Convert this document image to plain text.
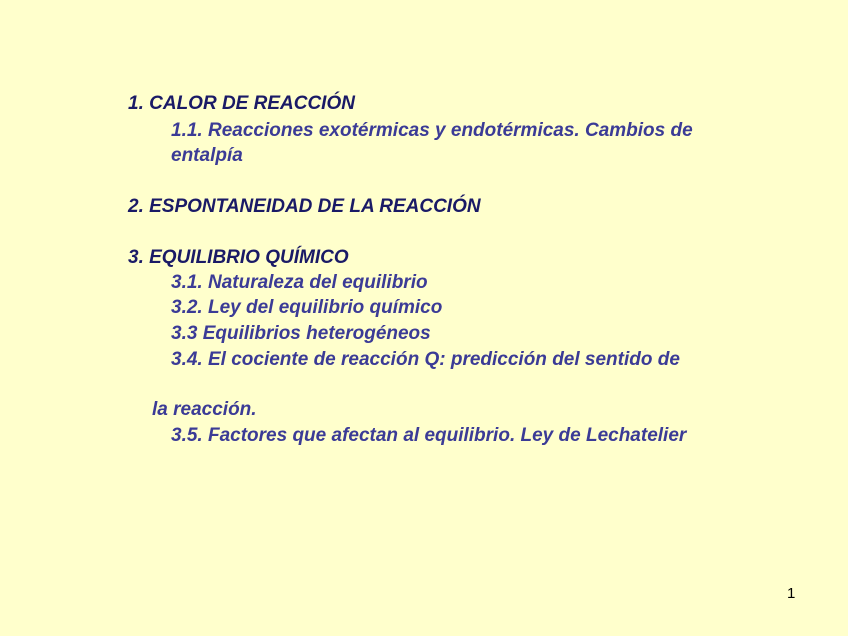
1. CALOR DE REACCIÓN
1.1. Reacciones exotérmicas y endotérmicas. Cambios de
entalpía
2. ESPONTANEIDAD DE LA REACCIÓN
3. EQUILIBRIO QUÍMICO
3.1. Naturaleza del equilibrio
3.2. Ley del equilibrio químico
3.3 Equilibrios heterogéneos
3.4. El cociente de reacción Q: predicción del sentido de
la reacción.
3.5. Factores que afectan al equilibrio. Ley de Lechatelier
1
